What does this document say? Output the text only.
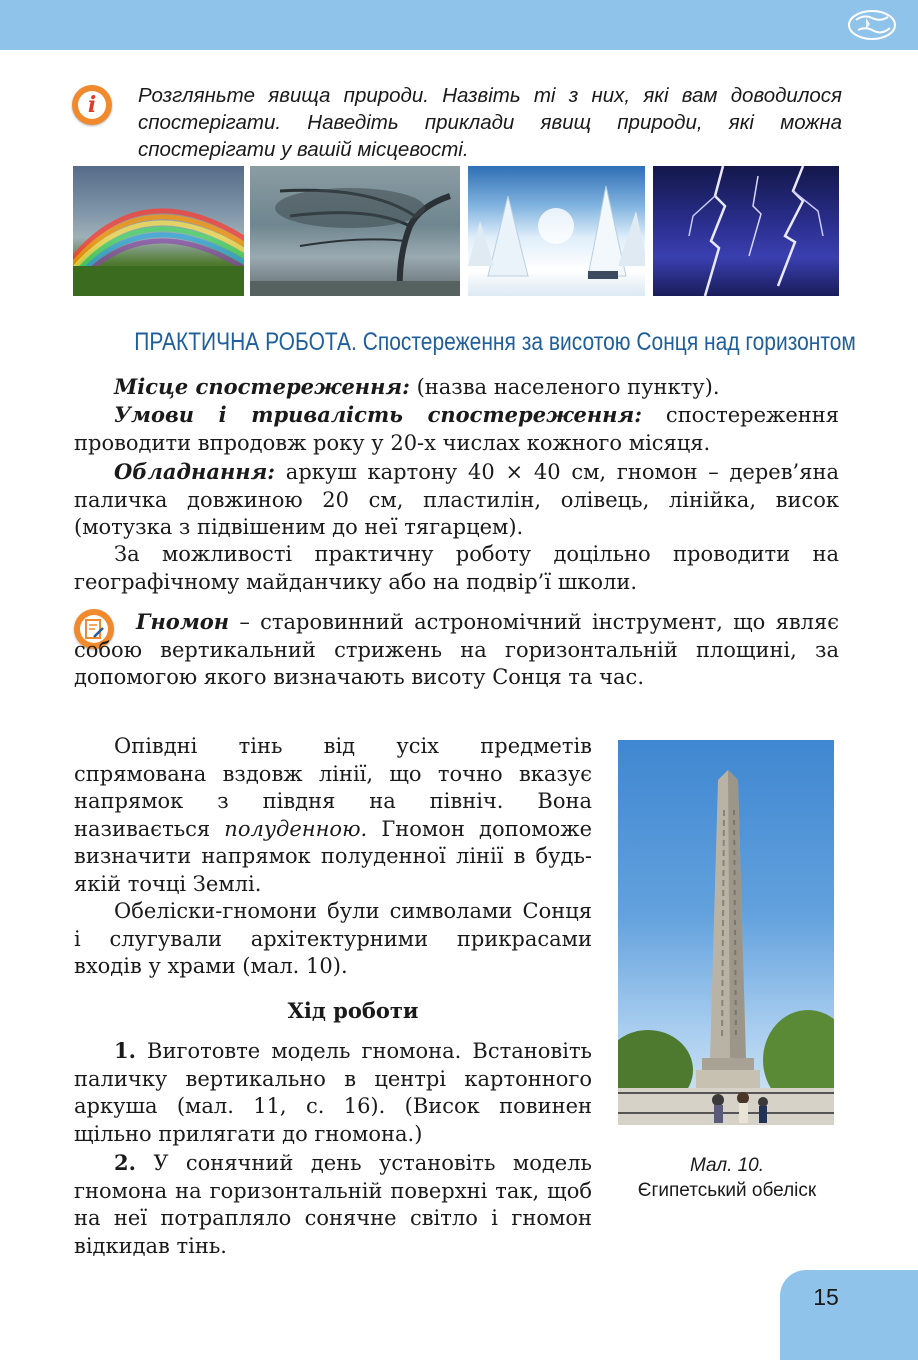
i	Розгляньте явища природи. Назвіть ті з них, які вам доводилося спостерігати. Наведіть приклади явищ природи, які можна спостерігати у вашій місцевості.
ПРАКТИЧНА РОБОТА. Спостереження за висотою Сонця над горизонтом
Місце спостереження: (назва населеного пункту).
Умови і тривалість спостереження: спостереження проводити впродовж року у 20-х числах кожного місяця.
Обладнання: аркуш картону 40 × 40 см, гномон – дерев’яна паличка довжиною 20 см, пластилін, олівець, лінійка, висок (мотузка з підвішеним до неї тягарцем).
За можливості практичну роботу доцільно проводити на географічному майданчику або на подвір’ї школи.
Гномон – старовинний астрономічний інструмент, що являє собою вертикальний стрижень на горизонтальній площині, за допомогою якого визначають висоту Сонця та час.
Опівдні тінь від усіх предметів спрямована вздовж лінії, що точно вказує напрямок з півдня на північ. Вона називається полуденною. Гномон допоможе визначити напрямок полуденної лінії в будь-якій точці Землі.
Обеліски-гномони були символами Сонця і слугували архітектурними прикрасами входів у храми (мал. 10).
Хід роботи
1. Виготовте модель гномона. Встановіть паличку вертикально в центрі картонного аркуша (мал. 11, с. 16). (Висок повинен щільно прилягати до гномона.)
2. У сонячний день установіть модель гномона на горизонтальній поверхні так, щоб на неї потрапляло сонячне світло і гномон відкидав тінь.
Мал. 10.
Єгипетський обеліск
15
